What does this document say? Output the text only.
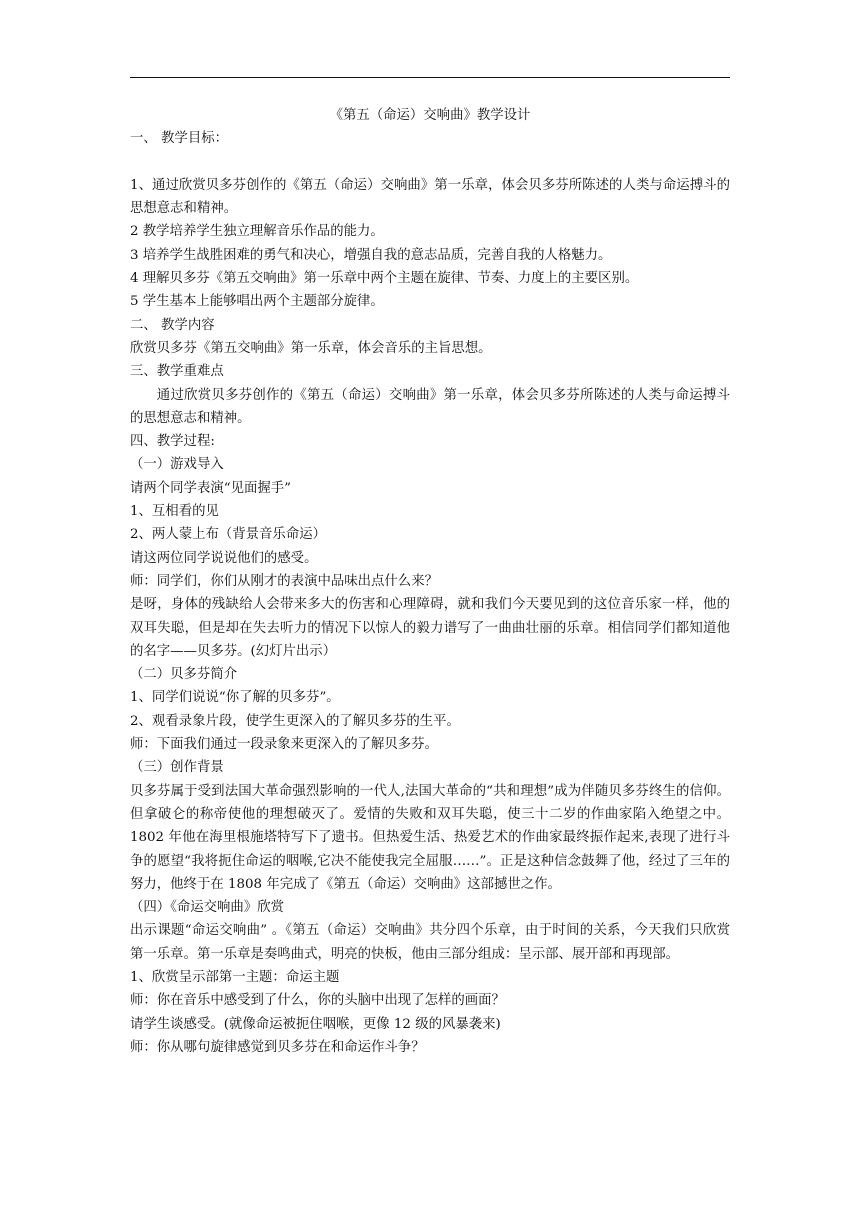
《第五（命运）交响曲》教学设计

一、 教学目标：

1、通过欣赏贝多芬创作的《第五（命运）交响曲》第一乐章，体会贝多芬所陈述的人类与命运搏斗的思想意志和精神。

2 教学培养学生独立理解音乐作品的能力。

3 培养学生战胜困难的勇气和决心，增强自我的意志品质，完善自我的人格魅力。

4 理解贝多芬《第五交响曲》第一乐章中两个主题在旋律、节奏、力度上的主要区别。

5 学生基本上能够唱出两个主题部分旋律。

二、 教学内容

欣赏贝多芬《第五交响曲》第一乐章，体会音乐的主旨思想。

三、教学重难点

通过欣赏贝多芬创作的《第五（命运）交响曲》第一乐章，体会贝多芬所陈述的人类与命运搏斗的思想意志和精神。

四、教学过程:

（一）游戏导入

请两个同学表演“见面握手”

1、互相看的见

2、两人蒙上布（背景音乐命运）

请这两位同学说说他们的感受。

师：同学们，你们从刚才的表演中品味出点什么来？

是呀，身体的残缺给人会带来多大的伤害和心理障碍，就和我们今天要见到的这位音乐家一样，他的双耳失聪，但是却在失去听力的情况下以惊人的毅力谱写了一曲曲壮丽的乐章。相信同学们都知道他的名字——贝多芬。(幻灯片出示）

（二）贝多芬简介

1、同学们说说“你了解的贝多芬”。

2、观看录象片段，使学生更深入的了解贝多芬的生平。

师：下面我们通过一段录象来更深入的了解贝多芬。

（三）创作背景

贝多芬属于受到法国大革命强烈影响的一代人,法国大革命的“共和理想”成为伴随贝多芬终生的信仰。但拿破仑的称帝使他的理想破灭了。爱情的失败和双耳失聪，使三十二岁的作曲家陷入绝望之中。1802 年他在海里根施塔特写下了遗书。但热爱生活、热爱艺术的作曲家最终振作起来,表现了进行斗争的愿望“我将扼住命运的咽喉,它决不能使我完全屈服……”。正是这种信念鼓舞了他，经过了三年的努力，他终于在 1808 年完成了《第五（命运）交响曲》这部撼世之作。

（四）《命运交响曲》欣赏

出示课题“命运交响曲” 。《第五（命运）交响曲》共分四个乐章，由于时间的关系，今天我们只欣赏第一乐章。第一乐章是奏鸣曲式，明亮的快板，他由三部分组成：呈示部、展开部和再现部。

1、欣赏呈示部第一主题：命运主题

师：你在音乐中感受到了什么，你的头脑中出现了怎样的画面？

请学生谈感受。(就像命运被扼住咽喉，更像 12 级的风暴袭来)

师：你从哪句旋律感觉到贝多芬在和命运作斗争？
